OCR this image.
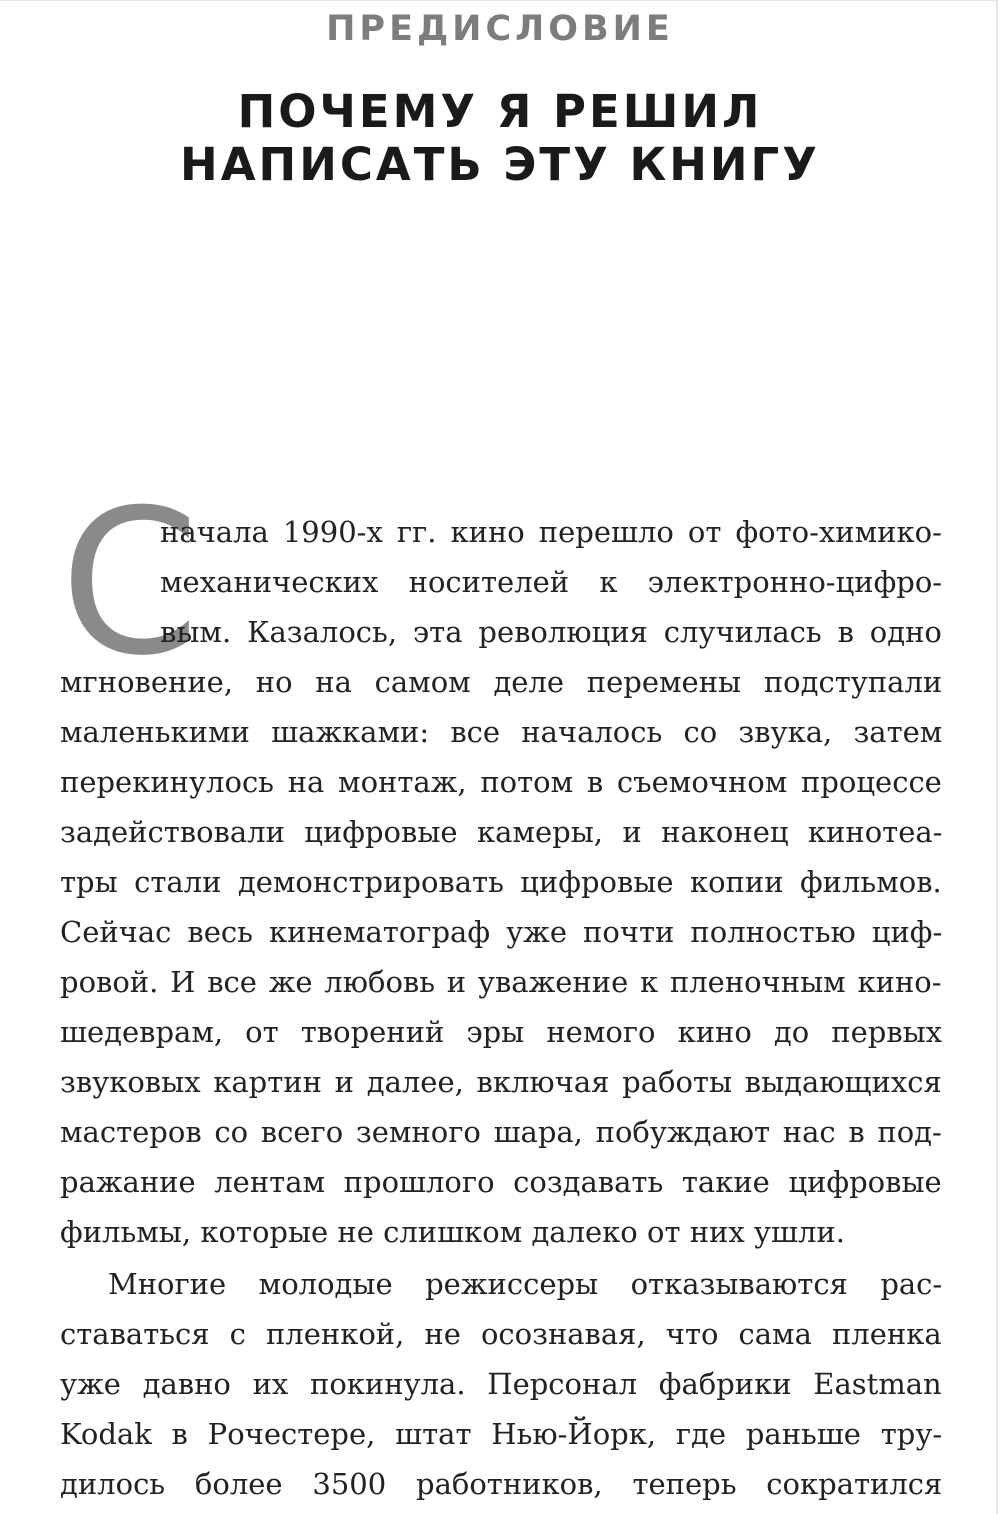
ПРЕДИСЛОВИЕ
ПОЧЕМУ Я РЕШИЛ
НАПИСАТЬ ЭТУ КНИГУ
С
начала 1990-х гг. кино перешло от фото-химико-
механических носителей к электронно-цифро-
вым. Казалось, эта революция случилась в одно
мгновение, но на самом деле перемены подступали
маленькими шажками: все началось со звука, затем
перекинулось на монтаж, потом в съемочном процессе
задействовали цифровые камеры, и наконец кинотеа-
тры стали демонстрировать цифровые копии фильмов.
Сейчас весь кинематограф уже почти полностью циф-
ровой. И все же любовь и уважение к пленочным кино-
шедеврам, от творений эры немого кино до первых
звуковых картин и далее, включая работы выдающихся
мастеров со всего земного шара, побуждают нас в под-
ражание лентам прошлого создавать такие цифровые
фильмы, которые не слишком далеко от них ушли.
Многие молодые режиссеры отказываются рас-
ставаться с пленкой, не осознавая, что сама пленка
уже давно их покинула. Персонал фабрики Eastman
Kodak в Рочестере, штат Нью-Йорк, где раньше тру-
дилось более 3500 работников, теперь сократился
